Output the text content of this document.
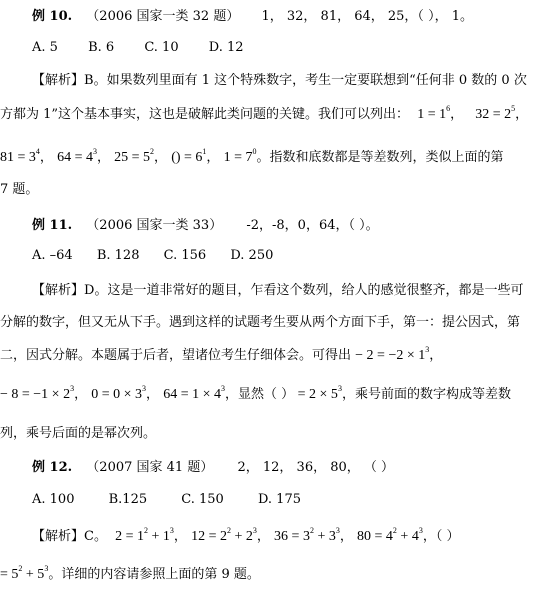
例 10. （2006 国家一类 32 题） 1， 32， 81， 64， 25，（ ）， 1。
A. 5 B. 6 C. 10 D. 12
【解析】B。如果数列里面有 1 这个特殊数字，考生一定要联想到“任何非 0 数的 0 次
方都为 1”这个基本事实，这也是破解此类问题的关键。我们可以列出： $1 = 1^6$， $32 = 2^5$，
$81 = 3^4$， $64 = 4^3$， $25 = 5^2$， () = $6^1$， $1 = 7^0$。指数和底数都是等差数列，类似上面的第
7 题。
例 11. （2006 国家一类 33） -2，-8，0，64，（ ）。
A. –64 B. 128 C. 156 D. 250
【解析】D。这是一道非常好的题目，乍看这个数列，给人的感觉很整齐，都是一些可
分解的数字，但又无从下手。遇到这样的试题考生要从两个方面下手，第一：提公因式，第
二，因式分解。本题属于后者，望诸位考生仔细体会。可得出 − $2 = -2 \times 1^3$，
− $8 = -1 \times 2^3$， $0 = 0 \times 3^3$， $64 = 1 \times 4^3$，显然（ ） = $2 \times 5^3$，乘号前面的数字构成等差数
列，乘号后面的是幂次列。
例 12. （2007 国家 41 题） 2， 12， 36， 80， （ ）
A. 100	B.125	C. 150	D. 175
【解析】C。 $2 = 1^2 + 1^3$， $12 = 2^2 + 2^3$， $36 = 3^2 + 3^3$， $80 = 4^2 + 4^3$，（ ）
= $5^2 + 5^3$。详细的内容请参照上面的第 9 题。
